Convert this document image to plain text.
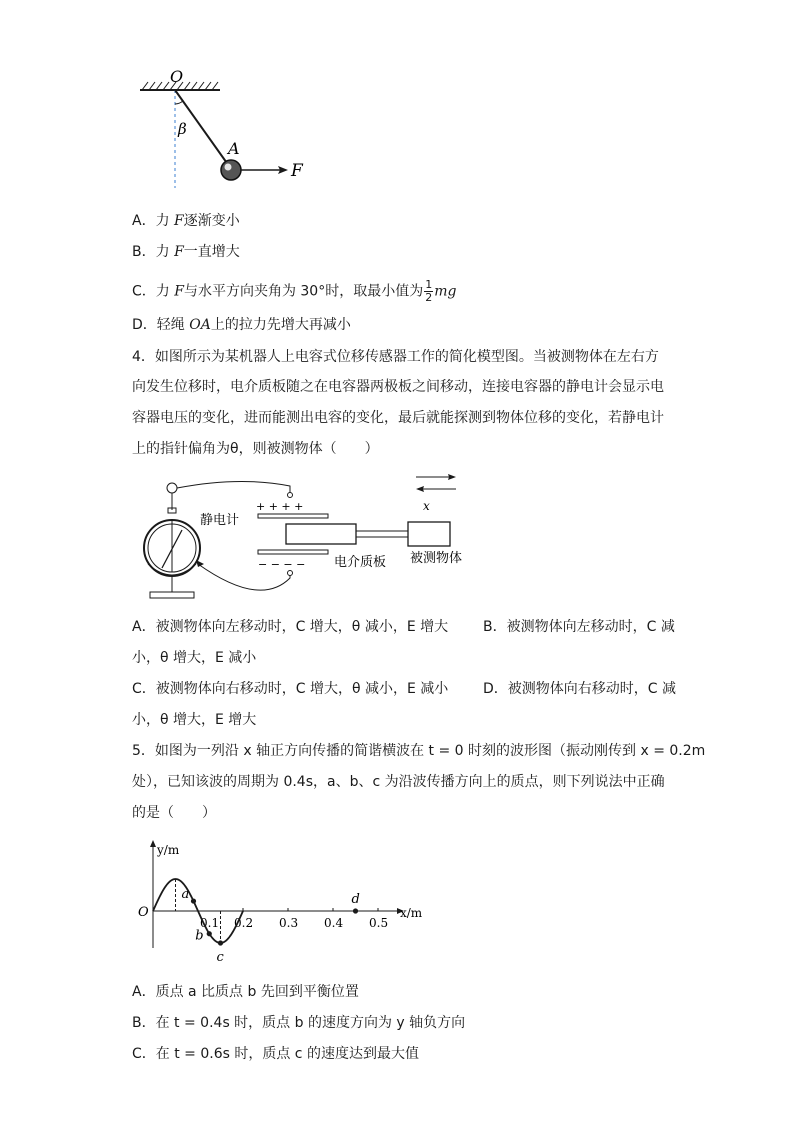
O
β
A
F
A．力 F逐渐变小
B．力 F一直增大
C．力 F与水平方向夹角为 30°时，取最小值为 $\frac{1}{2}$ mg
D．轻绳 OA上的拉力先增大再减小
4．如图所示为某机器人上电容式位移传感器工作的简化模型图。当被测物体在左右方
向发生位移时，电介质板随之在电容器两极板之间移动，连接电容器的静电计会显示电
容器电压的变化，进而能测出电容的变化，最后就能探测到物体位移的变化，若静电计
上的指针偏角为θ，则被测物体（　　）
+ + + +
− − − −
x
静电计
电介质板 被测物体
A．被测物体向左移动时，C 增大，θ 减小，E 增大 B．被测物体向左移动时，C 减
小，θ 增大，E 减小
C．被测物体向右移动时，C 增大，θ 减小，E 减小 D．被测物体向右移动时，C 减
小，θ 增大，E 增大
5．如图为一列沿 x 轴正方向传播的简谐横波在 t = 0 时刻的波形图（振动刚传到 x = 0.2m
处），已知该波的周期为 0.4s，a、b、c 为沿波传播方向上的质点，则下列说法中正确
的是（　　）
y/m
x/m
O
0.1 0.2 0.3 0.4 0.5
a
b
c
d
A．质点 a 比质点 b 先回到平衡位置
B．在 t = 0.4s 时，质点 b 的速度方向为 y 轴负方向
C．在 t = 0.6s 时，质点 c 的速度达到最大值
